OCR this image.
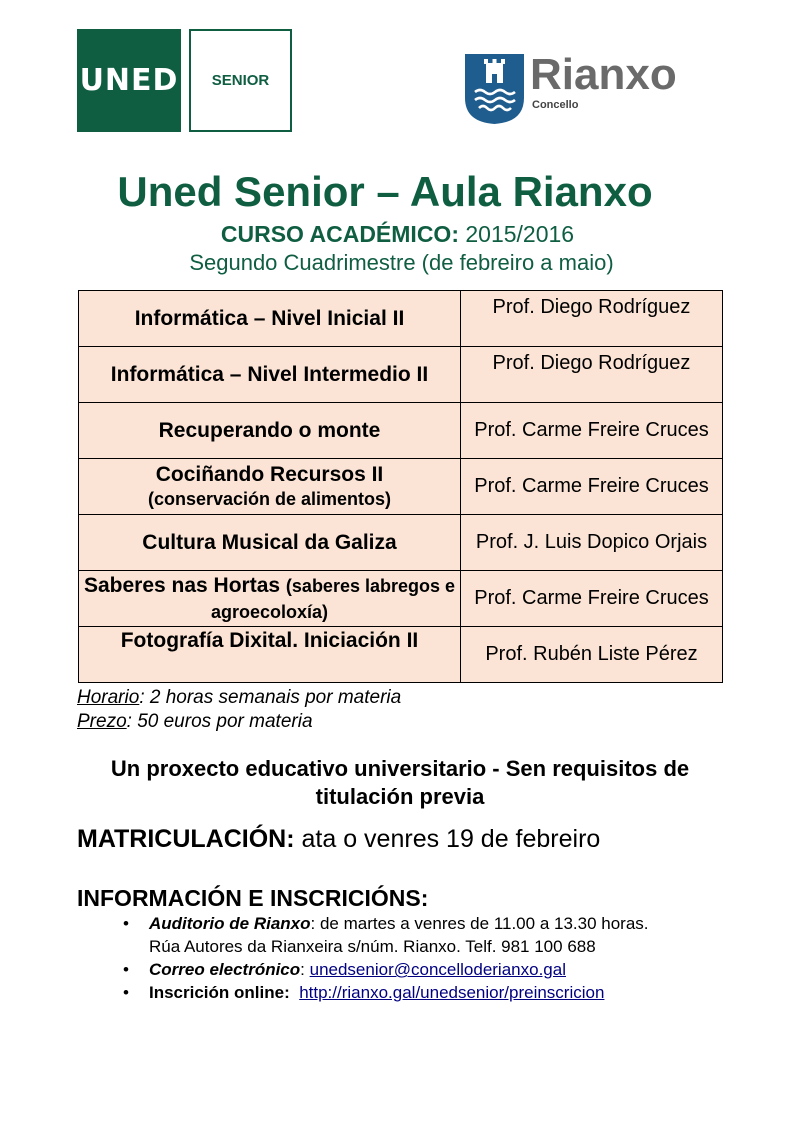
UNED SENIOR	Rianxo
Concello
Uned Senior – Aula Rianxo
CURSO ACADÉMICO: 2015/2016
Segundo Cuadrimestre (de febreiro a maio)
Informática – Nivel Inicial II	Prof. Diego Rodríguez
Informática – Nivel Intermedio II	Prof. Diego Rodríguez
Recuperando o monte	Prof. Carme Freire Cruces

Cociñando Recursos II
(conservación de alimentos)	Prof. Carme Freire Cruces
Cultura Musical da Galiza	Prof. J. Luis Dopico Orjais
Saberes nas Hortas (saberes labregos e agroecoloxía)	Prof. Carme Freire Cruces
Fotografía Dixital. Iniciación II	Prof. Rubén Liste Pérez
Horario: 2 horas semanais por materia
Prezo: 50 euros por materia
Un proxecto educativo universitario - Sen requisitos de titulación previa
MATRICULACIÓN: ata o venres 19 de febreiro
INFORMACIÓN E INSCRICIÓNS:
• Auditorio de Rianxo: de martes a venres de 11.00 a 13.30 horas.
Rúa Autores da Rianxeira s/núm. Rianxo. Telf. 981 100 688
• Correo electrónico: unedsenior@concelloderianxo.gal
• Inscrición online: http://rianxo.gal/unedsenior/preinscricion
